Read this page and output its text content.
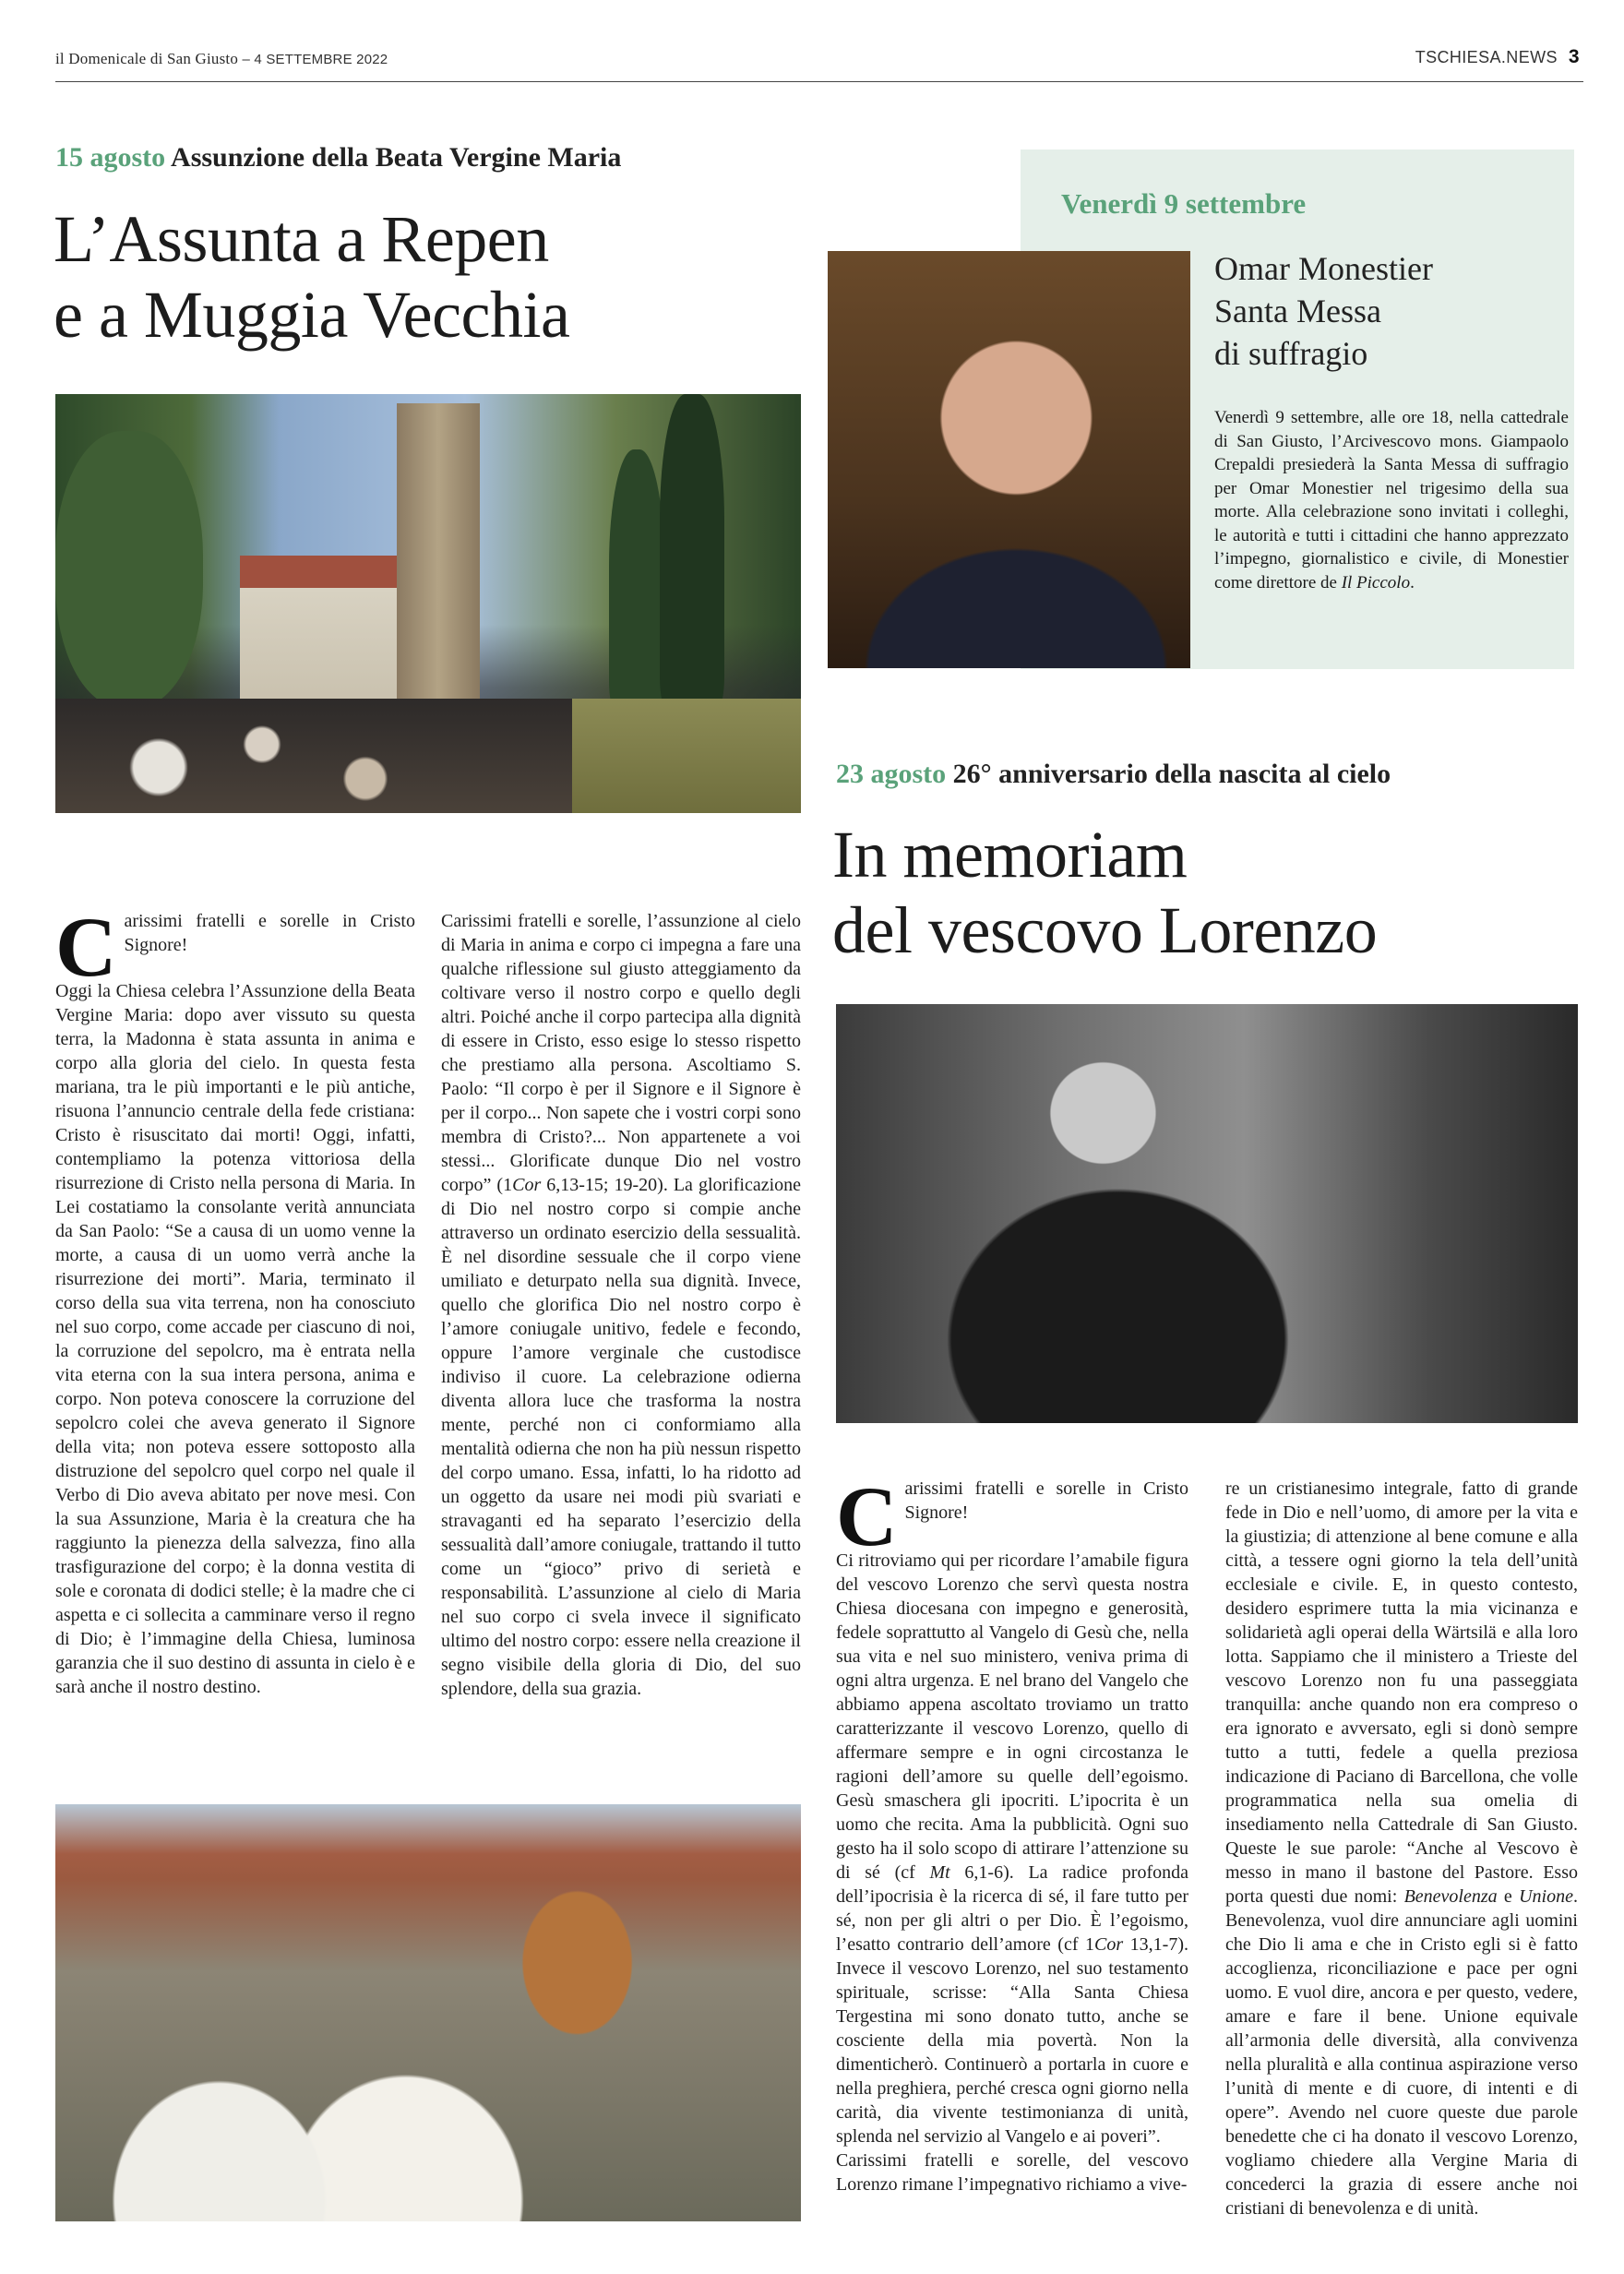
il Domenicale di San Giusto – 4 SETTEMBRE 2022	TSCHIESA.NEWS 3
15 agosto Assunzione della Beata Vergine Maria
L’Assunta a Repen
e a Muggia Vecchia
C arissimi fratelli e sorelle in Cristo Signore!

Oggi la Chiesa celebra l’Assunzione della Beata Vergine Maria: dopo aver vissuto su questa terra, la Madonna è stata assunta in anima e corpo alla gloria del cielo. In questa festa mariana, tra le più importanti e le più antiche, risuona l’annuncio centrale della fede cristiana: Cristo è risuscitato dai morti! Oggi, infatti, contempliamo la potenza vittoriosa della risurrezione di Cristo nella persona di Maria. In Lei costatiamo la consolante verità annunciata da San Paolo: “Se a causa di un uomo venne la morte, a causa di un uomo verrà anche la risurrezione dei morti”. Maria, terminato il corso della sua vita terrena, non ha conosciuto nel suo corpo, come accade per ciascuno di noi, la corruzione del sepolcro, ma è entrata nella vita eterna con la sua intera persona, anima e corpo. Non poteva conoscere la corruzione del sepolcro colei che aveva generato il Signore della vita; non poteva essere sottoposto alla distruzione del sepolcro quel corpo nel quale il Verbo di Dio aveva abitato per nove mesi. Con la sua Assunzione, Maria è la creatura che ha raggiunto la pienezza della salvezza, fino alla trasfigurazione del corpo; è la donna vestita di sole e coronata di dodici stelle; è la madre che ci aspetta e ci sollecita a camminare verso il regno di Dio; è l’immagine della Chiesa, luminosa garanzia che il suo destino di assunta in cielo è e sarà anche il nostro destino.

Carissimi fratelli e sorelle, l’assunzione al cielo di Maria in anima e corpo ci impegna a fare una qualche riflessione sul giusto atteggiamento da coltivare verso il nostro corpo e quello degli altri. Poiché anche il corpo partecipa alla dignità di essere in Cristo, esso esige lo stesso rispetto che prestiamo alla persona. Ascoltiamo S. Paolo: “Il corpo è per il Signore e il Signore è per il corpo... Non sapete che i vostri corpi sono membra di Cristo?... Non appartenete a voi stessi... Glorificate dunque Dio nel vostro corpo” (1Cor 6,13-15; 19-20). La glorificazione di Dio nel nostro corpo si compie anche attraverso un ordinato esercizio della sessualità. È nel disordine sessuale che il corpo viene umiliato e deturpato nella sua dignità. Invece, quello che glorifica Dio nel nostro corpo è l’amore coniugale unitivo, fedele e fecondo, oppure l’amore verginale che custodisce indiviso il cuore. La celebrazione odierna diventa allora luce che trasforma la nostra mente, perché non ci conformiamo alla mentalità odierna che non ha più nessun rispetto del corpo umano. Essa, infatti, lo ha ridotto ad un oggetto da usare nei modi più svariati e stravaganti ed ha separato l’esercizio della sessualità dall’amore coniugale, trattando il tutto come un “gioco” privo di serietà e responsabilità. L’assunzione al cielo di Maria nel suo corpo ci svela invece il significato ultimo del nostro corpo: essere nella creazione il segno visibile della gloria di Dio, del suo splendore, della sua grazia.

Venerdì 9 settembre
Omar Monestier
Santa Messa
di suffragio
Venerdì 9 settembre, alle ore 18, nella cattedrale di San Giusto, l’Arcivescovo mons. Giampaolo Crepaldi presiederà la Santa Messa di suffragio per Omar Monestier nel trigesimo della sua morte. Alla celebrazione sono invitati i colleghi, le autorità e tutti i cittadini che hanno apprezzato l’impegno, giornalistico e civile, di Monestier come direttore de Il Piccolo.
23 agosto 26° anniversario della nascita al cielo
In memoriam
del vescovo Lorenzo
C arissimi fratelli e sorelle in Cristo Signore!

Ci ritroviamo qui per ricordare l’amabile figura del vescovo Lorenzo che servì questa nostra Chiesa diocesana con impegno e generosità, fedele soprattutto al Vangelo di Gesù che, nella sua vita e nel suo ministero, veniva prima di ogni altra urgenza. E nel brano del Vangelo che abbiamo appena ascoltato troviamo un tratto caratterizzante il vescovo Lorenzo, quello di affermare sempre e in ogni circostanza le ragioni dell’amore su quelle dell’egoismo. Gesù smaschera gli ipocriti. L’ipocrita è un uomo che recita. Ama la pubblicità. Ogni suo gesto ha il solo scopo di attirare l’attenzione su di sé (cf Mt 6,1-6). La radice profonda dell’ipocrisia è la ricerca di sé, il fare tutto per sé, non per gli altri o per Dio. È l’egoismo, l’esatto contrario dell’amore (cf 1Cor 13,1-7). Invece il vescovo Lorenzo, nel suo testamento spirituale, scrisse: “Alla Santa Chiesa Tergestina mi sono donato tutto, anche se cosciente della mia povertà. Non la dimenticherò. Continuerò a portarla in cuore e nella preghiera, perché cresca ogni giorno nella carità, dia vivente testimonianza di unità, splenda nel servizio al Vangelo e ai poveri”.

Carissimi fratelli e sorelle, del vescovo Lorenzo rimane l’impegnativo richiamo a vive-

re un cristianesimo integrale, fatto di grande fede in Dio e nell’uomo, di amore per la vita e la giustizia; di attenzione al bene comune e alla città, a tessere ogni giorno la tela dell’unità ecclesiale e civile. E, in questo contesto, desidero esprimere tutta la mia vicinanza e solidarietà agli operai della Wärtsilä e alla loro lotta. Sappiamo che il ministero a Trieste del vescovo Lorenzo non fu una passeggiata tranquilla: anche quando non era compreso o era ignorato e avversato, egli si donò sempre tutto a tutti, fedele a quella preziosa indicazione di Paciano di Barcellona, che volle programmatica nella sua omelia di insediamento nella Cattedrale di San Giusto. Queste le sue parole: “Anche al Vescovo è messo in mano il bastone del Pastore. Esso porta questi due nomi: Benevolenza e Unione. Benevolenza, vuol dire annunciare agli uomini che Dio li ama e che in Cristo egli si è fatto accoglienza, riconciliazione e pace per ogni uomo. E vuol dire, ancora e per questo, vedere, amare e fare il bene. Unione equivale all’armonia delle diversità, alla convivenza nella pluralità e alla continua aspirazione verso l’unità di mente e di cuore, di intenti e di opere”. Avendo nel cuore queste due parole benedette che ci ha donato il vescovo Lorenzo, vogliamo chiedere alla Vergine Maria di concederci la grazia di essere anche noi cristiani di benevolenza e di unità.
